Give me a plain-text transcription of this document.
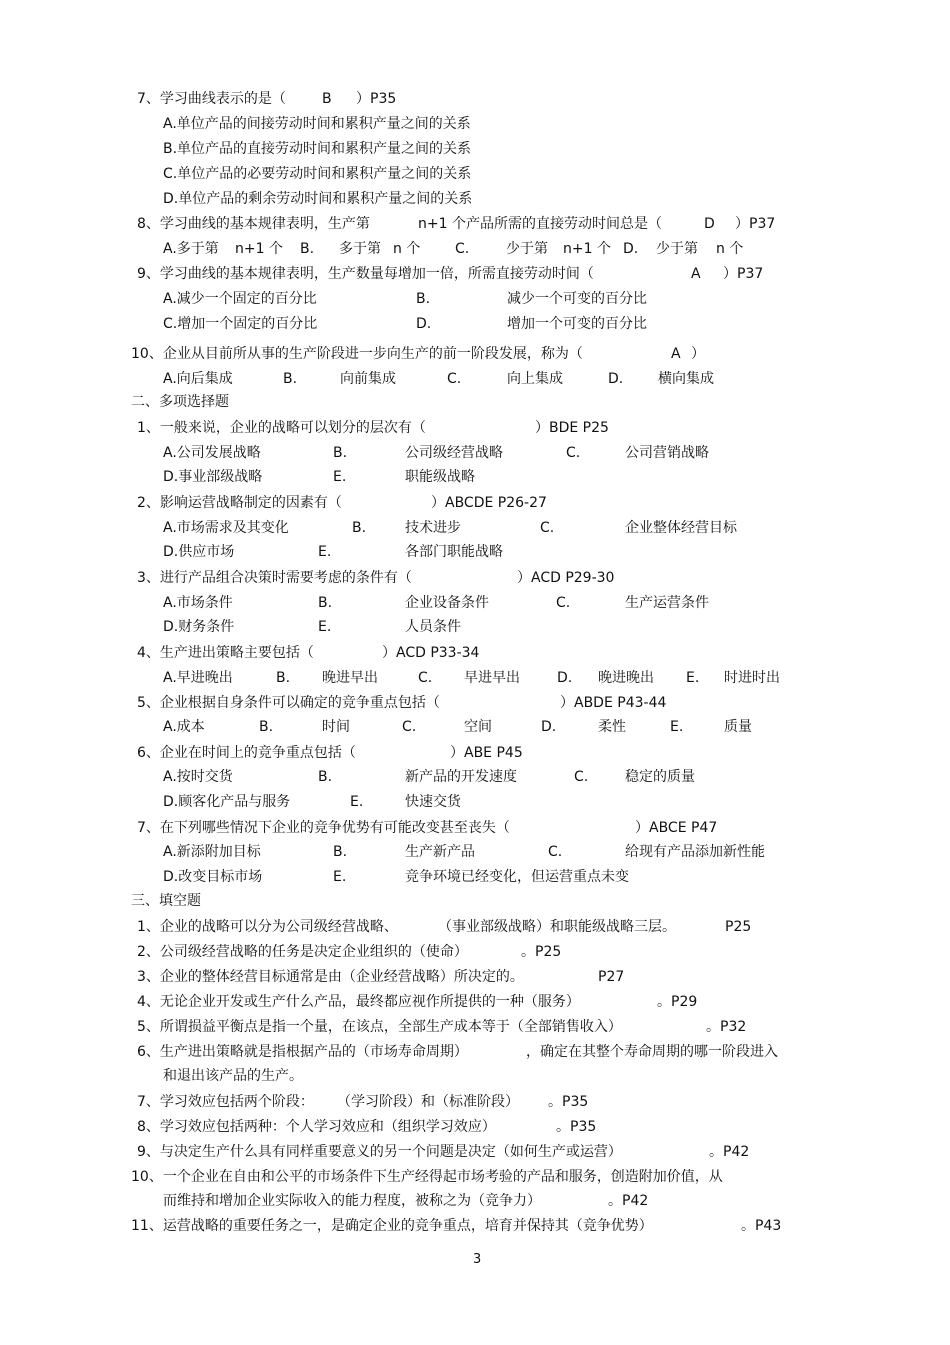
3
7、学习曲线表示的是（	B ）P35
A.单位产品的间接劳动时间和累积产量之间的关系
B.单位产品的直接劳动时间和累积产量之间的关系
C.单位产品的必要劳动时间和累积产量之间的关系
D.单位产品的剩余劳动时间和累积产量之间的关系
8、学习曲线的基本规律表明，生产第	n+1 个产品所需的直接劳动时间总是（	D ）P37
A.多于第 n+1 个 B. 多于第 n 个 C.	少于第 n+1 个 D. 少于第 n 个
9、学习曲线的基本规律表明，生产数量每增加一倍，所需直接劳动时间（	A ）P37
A.减少一个固定的百分比	B.	减少一个可变的百分比
C.增加一个固定的百分比	D.	增加一个可变的百分比
10、企业从目前所从事的生产阶段进一步向生产的前一阶段发展，称为（	A ）
A.向后集成	B.	向前集成	C.	向上集成	D. 横向集成
二、多项选择题
1、一般来说，企业的战略可以划分的层次有（	）BDE P25
A.公司发展战略	B.	公司级经营战略	C.	公司营销战略
D.事业部级战略	E.	职能级战略
2、影响运营战略制定的因素有（	）ABCDE P26-27
A.市场需求及其变化	B.	技术进步	C.	企业整体经营目标
D.供应市场	E.	各部门职能战略
3、进行产品组合决策时需要考虑的条件有（	）ACD P29-30
A.市场条件	B.	企业设备条件	C.	生产运营条件
D.财务条件	E.	人员条件
4、生产进出策略主要包括（	）ACD P33-34
A.早进晚出	B. 晚进早出	C. 早进早出	D. 晚进晚出 E. 时进时出
5、企业根据自身条件可以确定的竞争重点包括（	）ABDE P43-44
A.成本	B.	时间	C.	空间	D.	柔性	E.	质量
6、企业在时间上的竞争重点包括（	）ABE P45
A.按时交货	B.	新产品的开发速度	C.	稳定的质量
D.顾客化产品与服务	E.	快速交货
7、在下列哪些情况下企业的竞争优势有可能改变甚至丧失（	）ABCE P47
A.新添附加目标	B.	生产新产品	C.	给现有产品添加新性能
D.改变目标市场	E.	竞争环境已经变化，但运营重点未变
三、填空题
1、企业的战略可以分为公司级经营战略、	（事业部级战略）和职能级战略三层。	P25
2、公司级经营战略的任务是决定企业组织的（使命）	。P25
3、企业的整体经营目标通常是由（企业经营战略）所决定的。	P27
4、无论企业开发或生产什么产品，最终都应视作所提供的一种（服务）	。P29
5、所谓损益平衡点是指一个量，在该点，全部生产成本等于（全部销售收入）	。P32
6、生产进出策略就是指根据产品的（市场寿命周期）	，确定在其整个寿命周期的哪一阶段进入
和退出该产品的生产。
7、学习效应包括两个阶段： （学习阶段）和（标准阶段） 。P35
8、学习效应包括两种：个人学习效应和（组织学习效应）	。P35
9、与决定生产什么具有同样重要意义的另一个问题是决定（如何生产或运营）	。P42
10、一个企业在自由和公平的市场条件下生产经得起市场考验的产品和服务，创造附加价值，从
而维持和增加企业实际收入的能力程度，被称之为（竞争力）	。P42
11、运营战略的重要任务之一，是确定企业的竞争重点，培育并保持其（竞争优势）	。P43
